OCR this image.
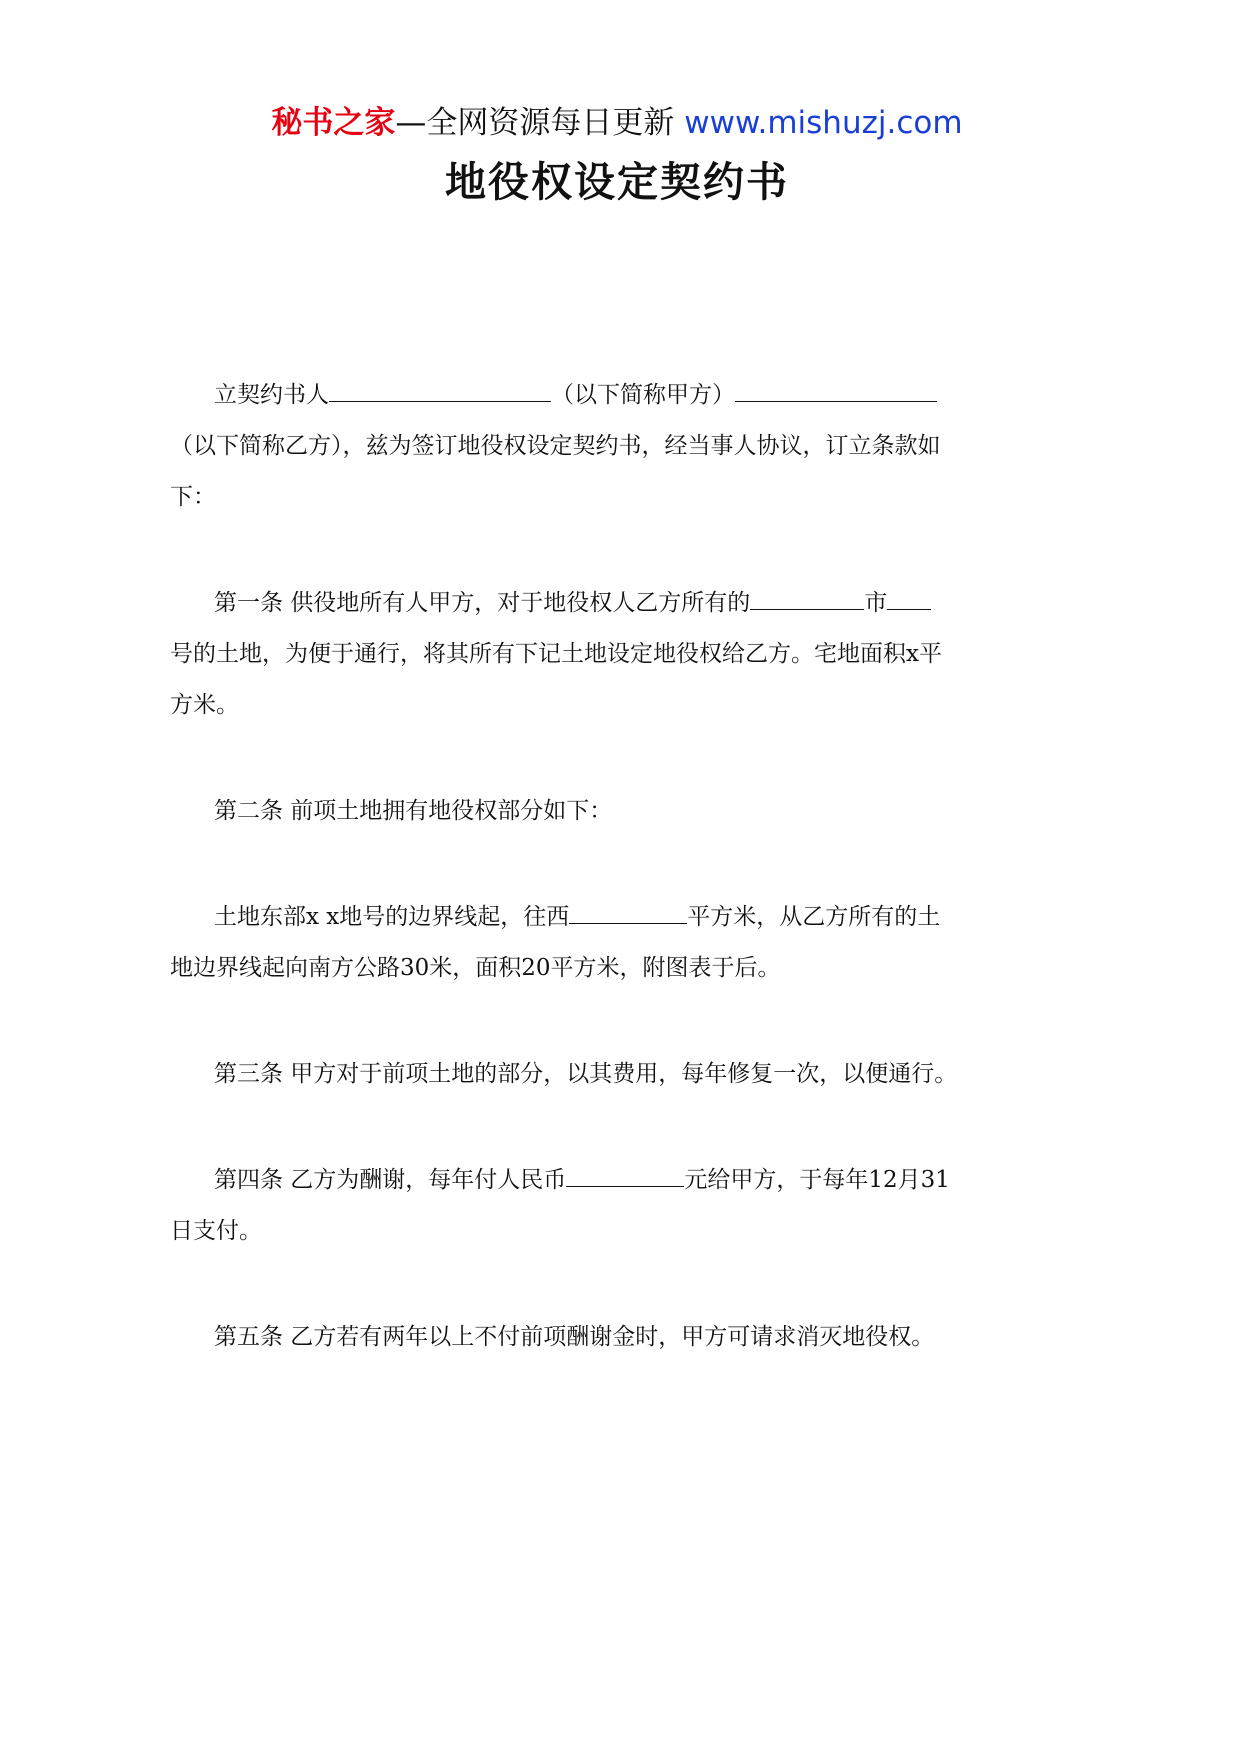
秘书之家—全网资源每日更新 www.mishuzj.com
地役权设定契约书
立契约书人	（以下简称甲方）
（以下简称乙方），兹为签订地役权设定契约书，经当事人协议，订立条款如
下：
第一条 供役地所有人甲方，对于地役权人乙方所有的	市
号的土地，为便于通行，将其所有下记土地设定地役权给乙方。宅地面积x平
方米。
第二条 前项土地拥有地役权部分如下：
土地东部x x地号的边界线起，往西	平方米，从乙方所有的土
地边界线起向南方公路30米，面积20平方米，附图表于后。
第三条 甲方对于前项土地的部分，以其费用，每年修复一次，以便通行。
第四条 乙方为酬谢，每年付人民币	元给甲方，于每年12月31
日支付。
第五条 乙方若有两年以上不付前项酬谢金时，甲方可请求消灭地役权。
